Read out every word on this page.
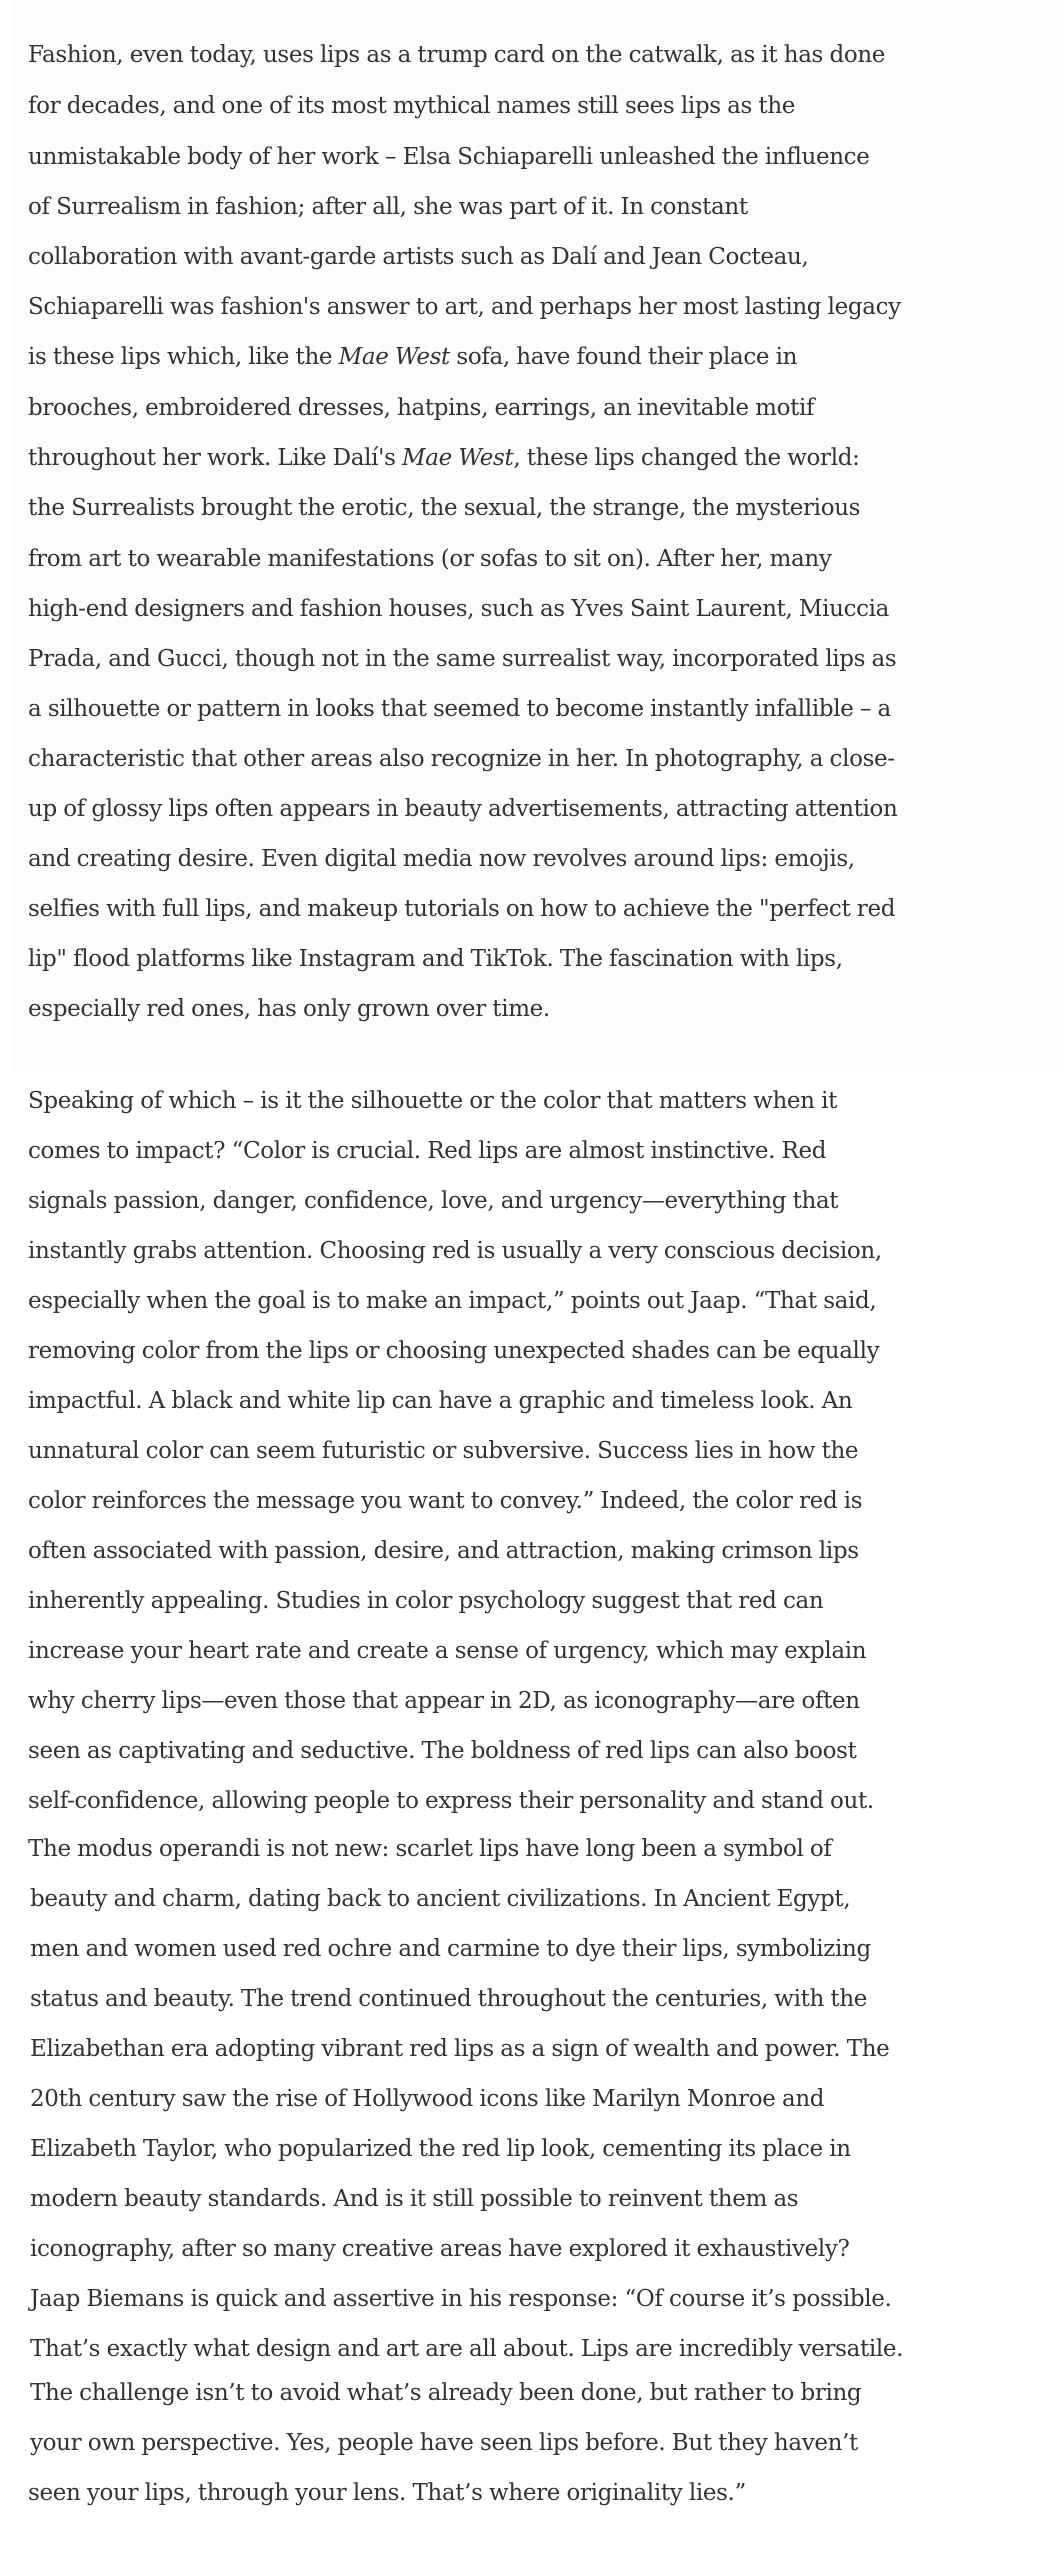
Fashion, even today, uses lips as a trump card on the catwalk, as it has done
for decades, and one of its most mythical names still sees lips as the
unmistakable body of her work – Elsa Schiaparelli unleashed the influence
of Surrealism in fashion; after all, she was part of it. In constant
collaboration with avant-garde artists such as Dalí and Jean Cocteau,
Schiaparelli was fashion's answer to art, and perhaps her most lasting legacy
is these lips which, like the Mae West sofa, have found their place in
brooches, embroidered dresses, hatpins, earrings, an inevitable motif
throughout her work. Like Dalí's Mae West, these lips changed the world:
the Surrealists brought the erotic, the sexual, the strange, the mysterious
from art to wearable manifestations (or sofas to sit on). After her, many
high-end designers and fashion houses, such as Yves Saint Laurent, Miuccia
Prada, and Gucci, though not in the same surrealist way, incorporated lips as
a silhouette or pattern in looks that seemed to become instantly infallible – a
characteristic that other areas also recognize in her. In photography, a close-
up of glossy lips often appears in beauty advertisements, attracting attention
and creating desire. Even digital media now revolves around lips: emojis,
selfies with full lips, and makeup tutorials on how to achieve the "perfect red
lip" flood platforms like Instagram and TikTok. The fascination with lips,
especially red ones, has only grown over time.
Speaking of which – is it the silhouette or the color that matters when it
comes to impact? “Color is crucial. Red lips are almost instinctive. Red
signals passion, danger, confidence, love, and urgency—everything that
instantly grabs attention. Choosing red is usually a very conscious decision,
especially when the goal is to make an impact,” points out Jaap. “That said,
removing color from the lips or choosing unexpected shades can be equally
impactful. A black and white lip can have a graphic and timeless look. An
unnatural color can seem futuristic or subversive. Success lies in how the
color reinforces the message you want to convey.” Indeed, the color red is
often associated with passion, desire, and attraction, making crimson lips
inherently appealing. Studies in color psychology suggest that red can
increase your heart rate and create a sense of urgency, which may explain
why cherry lips—even those that appear in 2D, as iconography—are often
seen as captivating and seductive. The boldness of red lips can also boost
self-confidence, allowing people to express their personality and stand out.
The modus operandi is not new: scarlet lips have long been a symbol of
beauty and charm, dating back to ancient civilizations. In Ancient Egypt,
men and women used red ochre and carmine to dye their lips, symbolizing
status and beauty. The trend continued throughout the centuries, with the
Elizabethan era adopting vibrant red lips as a sign of wealth and power. The
20th century saw the rise of Hollywood icons like Marilyn Monroe and
Elizabeth Taylor, who popularized the red lip look, cementing its place in
modern beauty standards. And is it still possible to reinvent them as
iconography, after so many creative areas have explored it exhaustively?
Jaap Biemans is quick and assertive in his response: “Of course it’s possible.
That’s exactly what design and art are all about. Lips are incredibly versatile.
The challenge isn’t to avoid what’s already been done, but rather to bring
your own perspective. Yes, people have seen lips before. But they haven’t
seen your lips, through your lens. That’s where originality lies.”
